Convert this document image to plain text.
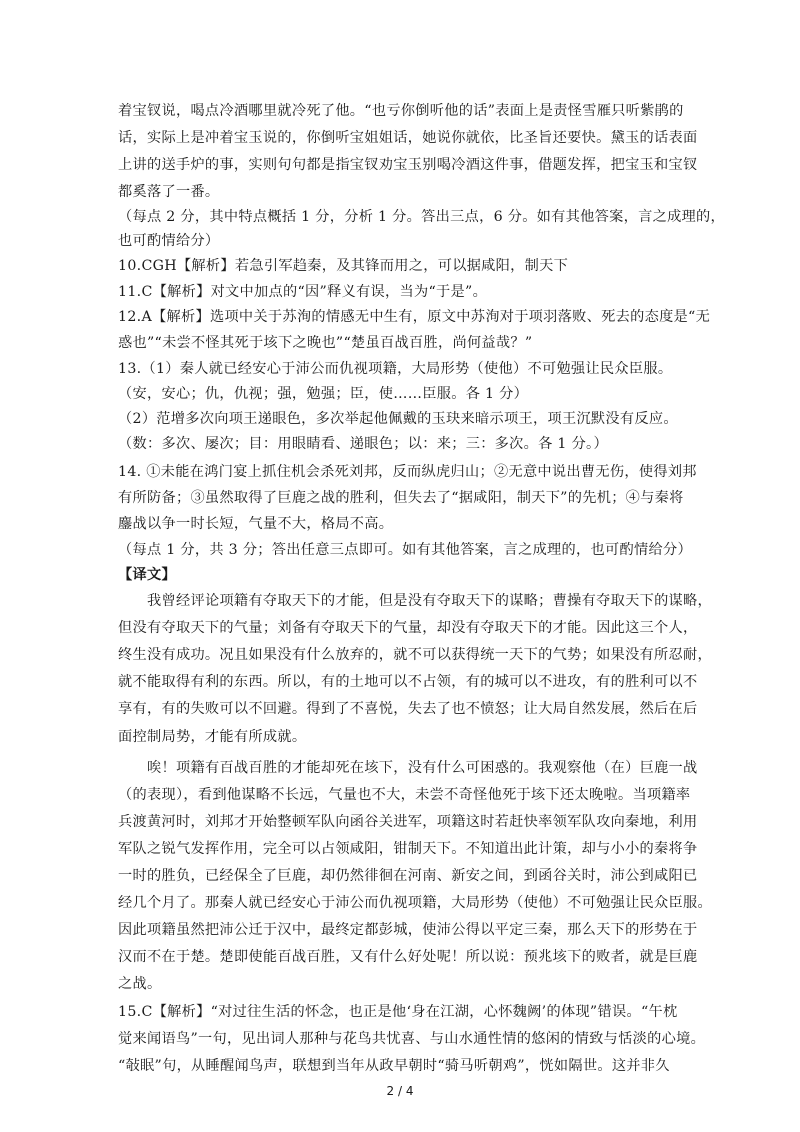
着宝钗说，喝点冷酒哪里就冷死了他。“也亏你倒听他的话”表面上是责怪雪雁只听紫鹃的
话，实际上是冲着宝玉说的，你倒听宝姐姐话，她说你就依，比圣旨还要快。黛玉的话表面
上讲的送手炉的事，实则句句都是指宝钗劝宝玉别喝冷酒这件事，借题发挥，把宝玉和宝钗
都奚落了一番。
（每点 2 分，其中特点概括 1 分，分析 1 分。答出三点，6 分。如有其他答案，言之成理的，
也可酌情给分）
10.CGH【解析】若急引军趋秦，及其锋而用之，可以据咸阳，制天下
11.C【解析】对文中加点的“因”释义有误，当为“于是”。
12.A【解析】选项中关于苏洵的情感无中生有，原文中苏洵对于项羽落败、死去的态度是“无
惑也”“未尝不怪其死于垓下之晚也”“楚虽百战百胜，尚何益哉？”
13.（1）秦人就已经安心于沛公而仇视项籍，大局形势（使他）不可勉强让民众臣服。
（安，安心；仇，仇视；强，勉强；臣，使……臣服。各 1 分）
（2）范增多次向项王递眼色，多次举起他佩戴的玉玦来暗示项王，项王沉默没有反应。
（数：多次、屡次；目：用眼睛看、递眼色；以：来；三：多次。各 1 分。）
14. ①未能在鸿门宴上抓住机会杀死刘邦，反而纵虎归山；②无意中说出曹无伤，使得刘邦
有所防备；③虽然取得了巨鹿之战的胜利，但失去了“据咸阳，制天下”的先机；④与秦将
鏖战以争一时长短，气量不大，格局不高。
（每点 1 分，共 3 分；答出任意三点即可。如有其他答案，言之成理的，也可酌情给分）
【译文】
我曾经评论项籍有夺取天下的才能，但是没有夺取天下的谋略；曹操有夺取天下的谋略，
但没有夺取天下的气量；刘备有夺取天下的气量，却没有夺取天下的才能。因此这三个人，
终生没有成功。况且如果没有什么放弃的，就不可以获得统一天下的气势；如果没有所忍耐，
就不能取得有利的东西。所以，有的土地可以不占领，有的城可以不进攻，有的胜利可以不
享有，有的失败可以不回避。得到了不喜悦，失去了也不愤怒；让大局自然发展，然后在后
面控制局势，才能有所成就。
唉！项籍有百战百胜的才能却死在垓下，没有什么可困惑的。我观察他（在）巨鹿一战
（的表现），看到他谋略不长远，气量也不大，未尝不奇怪他死于垓下还太晚啦。当项籍率
兵渡黄河时，刘邦才开始整顿军队向函谷关进军，项籍这时若赶快率领军队攻向秦地，利用
军队之锐气发挥作用，完全可以占领咸阳，钳制天下。不知道出此计策，却与小小的秦将争
一时的胜负，已经保全了巨鹿，却仍然徘徊在河南、新安之间，到函谷关时，沛公到咸阳已
经几个月了。那秦人就已经安心于沛公而仇视项籍，大局形势（使他）不可勉强让民众臣服。
因此项籍虽然把沛公迁于汉中，最终定都彭城，使沛公得以平定三秦，那么天下的形势在于
汉而不在于楚。楚即使能百战百胜，又有什么好处呢！所以说：预兆垓下的败者，就是巨鹿
之战。
15.C【解析】“对过往生活的怀念，也正是他‘身在江湖，心怀魏阙’的体现”错误。“午枕
觉来闻语鸟”一句，见出词人那种与花鸟共忧喜、与山水通性情的悠闲的情致与恬淡的心境。
“敧眠”句，从睡醒闻鸟声，联想到当年从政早朝时“骑马听朝鸡”，恍如隔世。这并非久
2 / 4
